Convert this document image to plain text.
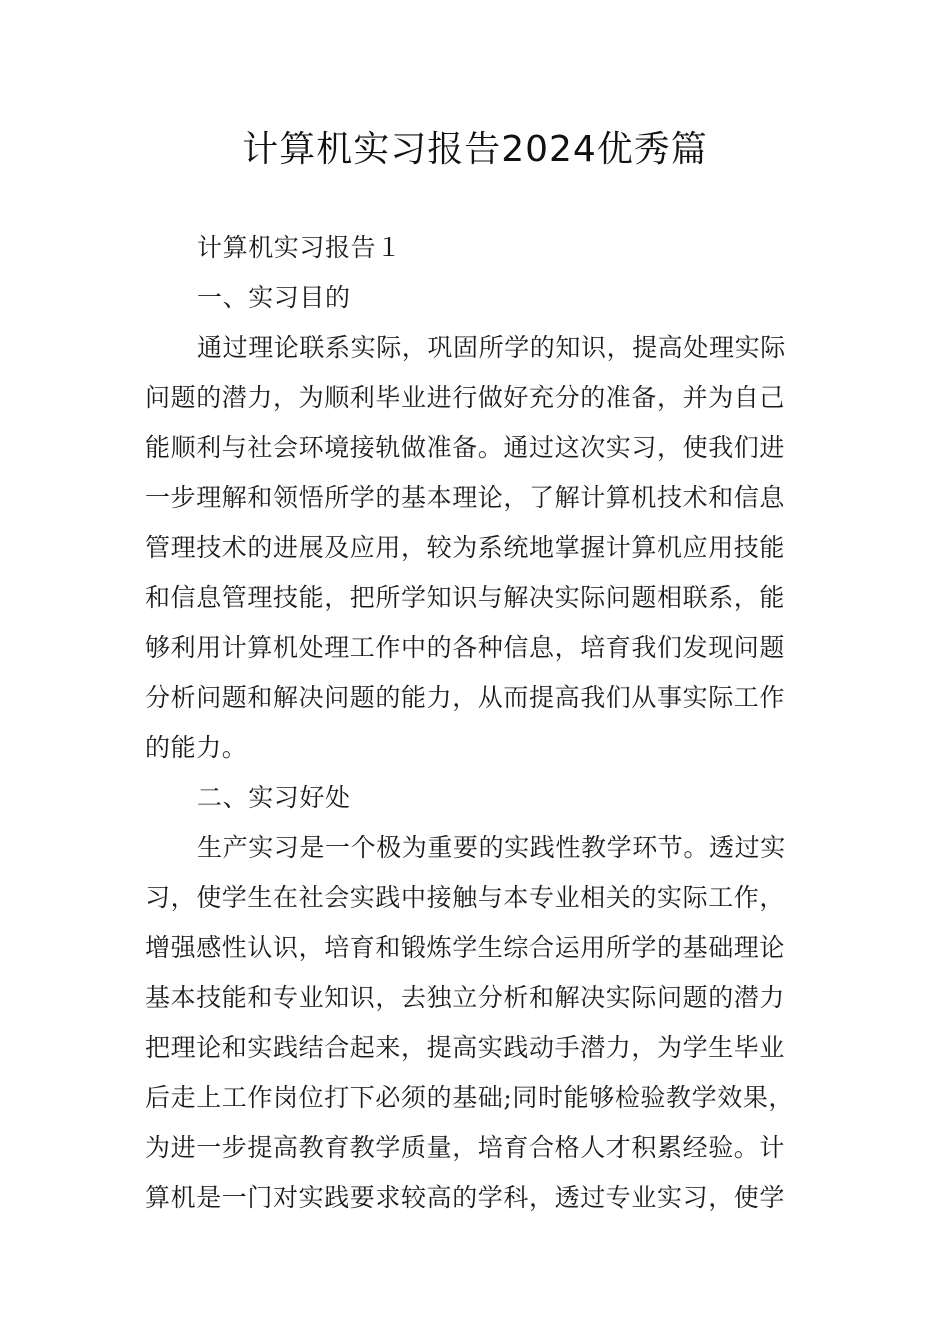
计算机实习报告2024优秀篇

计算机实习报告１

一、实习目的

通过理论联系实际，巩固所学的知识，提高处理实际

问题的潜力，为顺利毕业进行做好充分的准备，并为自己

能顺利与社会环境接轨做准备。通过这次实习，使我们进

一步理解和领悟所学的基本理论，了解计算机技术和信息

管理技术的进展及应用，较为系统地掌握计算机应用技能

和信息管理技能，把所学知识与解决实际问题相联系，能

够利用计算机处理工作中的各种信息，培育我们发现问题

分析问题和解决问题的能力，从而提高我们从事实际工作

的能力。

二、实习好处

生产实习是一个极为重要的实践性教学环节。透过实

习，使学生在社会实践中接触与本专业相关的实际工作，

增强感性认识，培育和锻炼学生综合运用所学的基础理论

基本技能和专业知识，去独立分析和解决实际问题的潜力

把理论和实践结合起来，提高实践动手潜力，为学生毕业

后走上工作岗位打下必须的基础;同时能够检验教学效果，

为进一步提高教育教学质量，培育合格人才积累经验。计

算机是一门对实践要求较高的学科，透过专业实习，使学
